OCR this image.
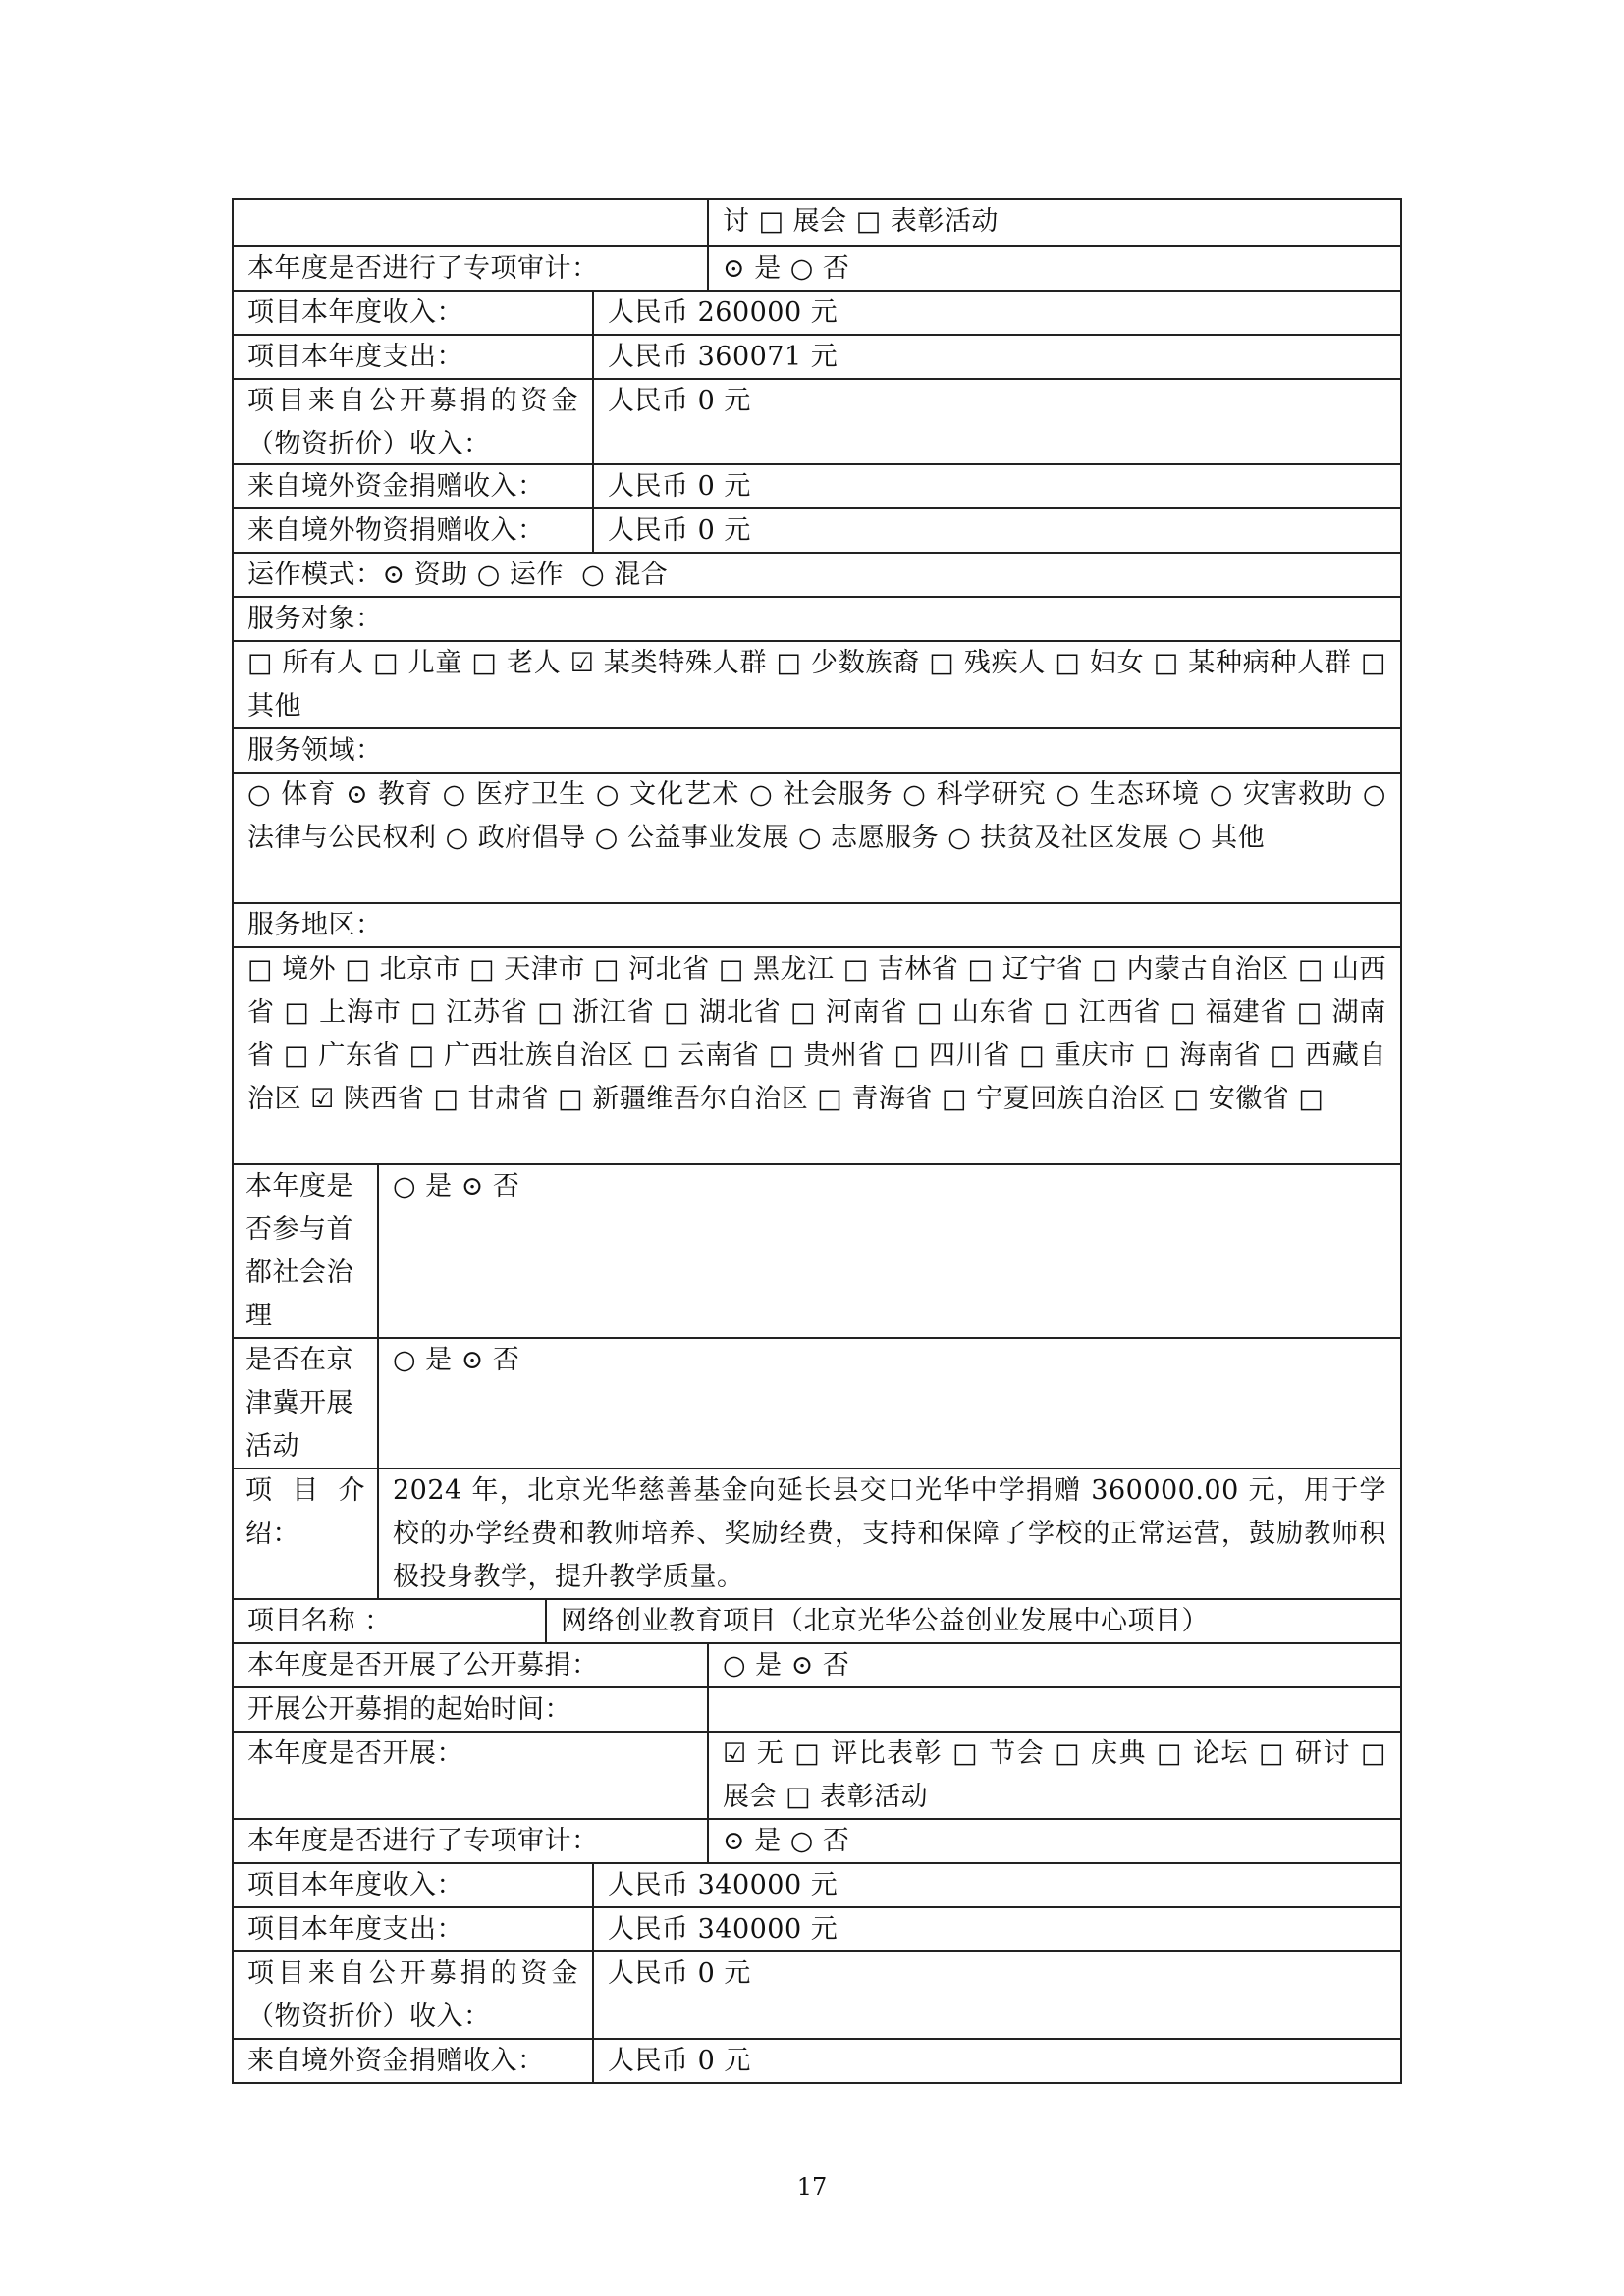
讨 □ 展会 □ 表彰活动
本年度是否进行了专项审计：	⊙ 是 ○ 否
项目本年度收入：	人民币 260000 元
项目本年度支出：	人民币 360071 元
项目来自公开募捐的资金（物资折价）收入：
人民币 0 元
来自境外资金捐赠收入：	人民币 0 元
来自境外物资捐赠收入：	人民币 0 元
运作模式：⊙ 资助 ○ 运作  ○ 混合
服务对象：
□ 所有人 □ 儿童 □ 老人 ☑ 某类特殊人群 □ 少数族裔 □ 残疾人 □ 妇女 □ 某种病种人群 □ 其他
服务领域：
○ 体育 ⊙ 教育 ○ 医疗卫生 ○ 文化艺术 ○ 社会服务 ○ 科学研究 ○ 生态环境 ○ 灾害救助 ○ 法律与公民权利 ○ 政府倡导 ○ 公益事业发展 ○ 志愿服务 ○ 扶贫及社区发展 ○ 其他
服务地区：
□ 境外 □ 北京市 □ 天津市 □ 河北省 □ 黑龙江 □ 吉林省 □ 辽宁省 □ 内蒙古自治区 □ 山西省 □ 上海市 □ 江苏省 □ 浙江省 □ 湖北省 □ 河南省 □ 山东省 □ 江西省 □ 福建省 □ 湖南省 □ 广东省 □ 广西壮族自治区 □ 云南省 □ 贵州省 □ 四川省 □ 重庆市 □ 海南省 □ 西藏自治区 ☑ 陕西省 □ 甘肃省 □ 新疆维吾尔自治区 □ 青海省 □ 宁夏回族自治区 □ 安徽省 □
本年度是否参与首都社会治理
○ 是 ⊙ 否
是否在京津冀开展活动
○ 是 ⊙ 否
项 目 介 绍：
2024 年，北京光华慈善基金向延长县交口光华中学捐赠 360000.00 元，用于学校的办学经费和教师培养、奖励经费，支持和保障了学校的正常运营，鼓励教师积极投身教学，提升教学质量。
项目名称 ：	网络创业教育项目（北京光华公益创业发展中心项目）
本年度是否开展了公开募捐：	○ 是 ⊙ 否
开展公开募捐的起始时间：
本年度是否开展：	☑ 无 □ 评比表彰 □ 节会 □ 庆典 □ 论坛 □ 研讨 □ 展会 □ 表彰活动
本年度是否进行了专项审计：	⊙ 是 ○ 否
项目本年度收入：	人民币 340000 元
项目本年度支出：	人民币 340000 元
项目来自公开募捐的资金（物资折价）收入：
人民币 0 元
来自境外资金捐赠收入：	人民币 0 元
17
